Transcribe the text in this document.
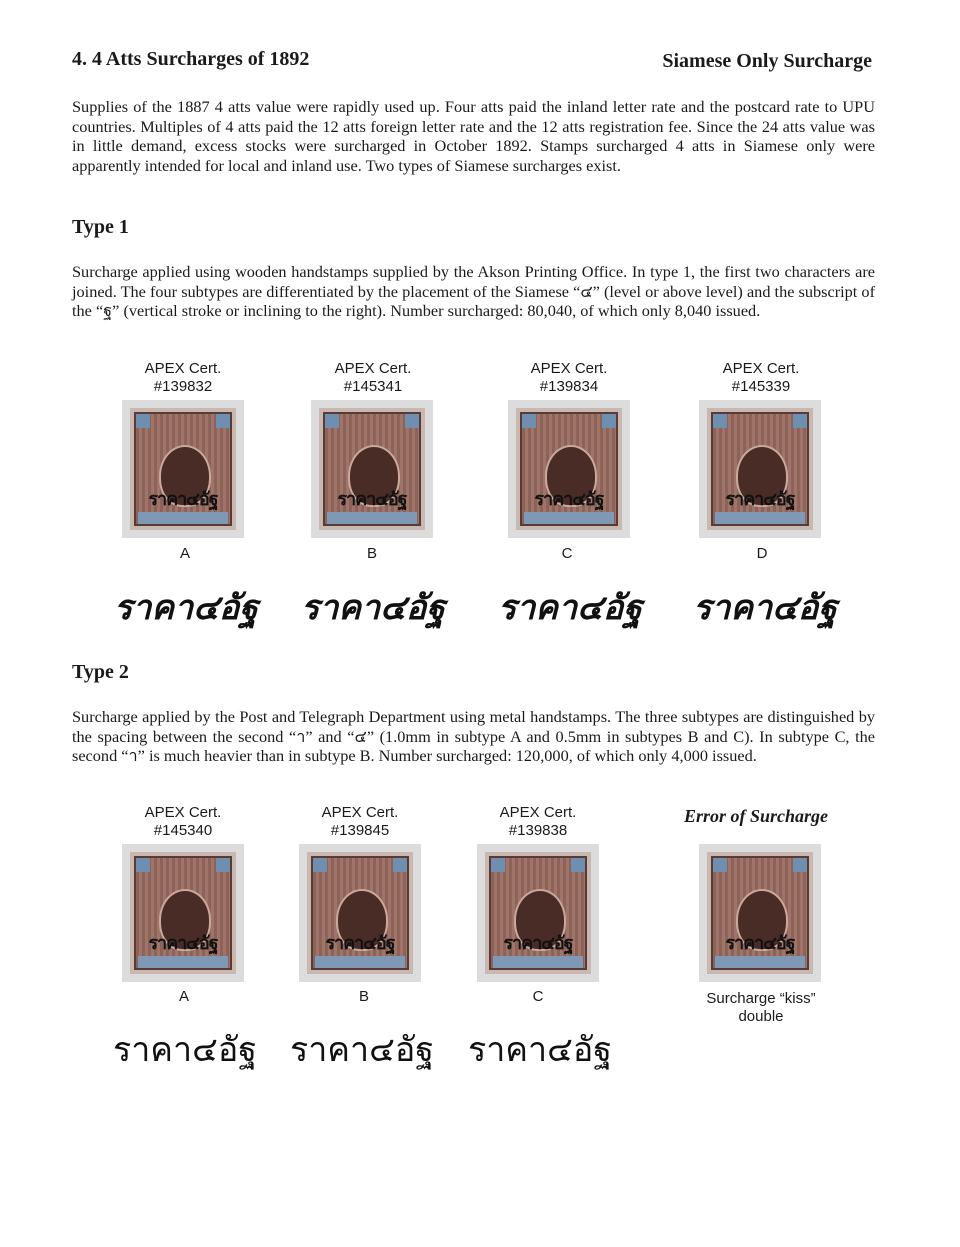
4. 4 Atts Surcharges of 1892	Siamese Only Surcharge

Supplies of the 1887 4 atts value were rapidly used up. Four atts paid the inland letter rate and the postcard rate to UPU countries. Multiples of 4 atts paid the 12 atts foreign letter rate and the 12 atts registration fee. Since the 24 atts value was in little demand, excess stocks were surcharged in October 1892. Stamps surcharged 4 atts in Siamese only were apparently intended for local and inland use. Two types of Siamese surcharges exist.

Type 1

Surcharge applied using wooden handstamps supplied by the Akson Printing Office. In type 1, the first two characters are joined. The four subtypes are differentiated by the placement of the Siamese “๔” (level or above level) and the subscript of the “ฐ” (vertical stroke or inclining to the right). Number surcharged: 80,040, of which only 8,040 issued.

APEX Cert.
#139832
ราคา๔อัฐ
A
ราคา๔อัฐ
APEX Cert.
#145341
ราคา๔อัฐ
B
ราคา๔อัฐ
APEX Cert.
#139834
ราคา๔อัฐ
C
ราคา๔อัฐ
APEX Cert.
#145339
ราคา๔อัฐ
D
ราคา๔อัฐ
Type 2

Surcharge applied by the Post and Telegraph Department using metal handstamps. The three subtypes are distinguished by the spacing between the second “า” and “๔” (1.0mm in subtype A and 0.5mm in subtypes B and C). In subtype C, the second “า” is much heavier than in subtype B. Number surcharged: 120,000, of which only 4,000 issued.

APEX Cert.
#145340
ราคา๔อัฐ
A
ราคา๔อัฐ
APEX Cert.
#139845
ราคา๔อัฐ
B
ราคา๔อัฐ
APEX Cert.
#139838
ราคา๔อัฐ
C
ราคา๔อัฐ
Error of Surcharge
ราคา๔อัฐ
Surcharge “kiss”
double
